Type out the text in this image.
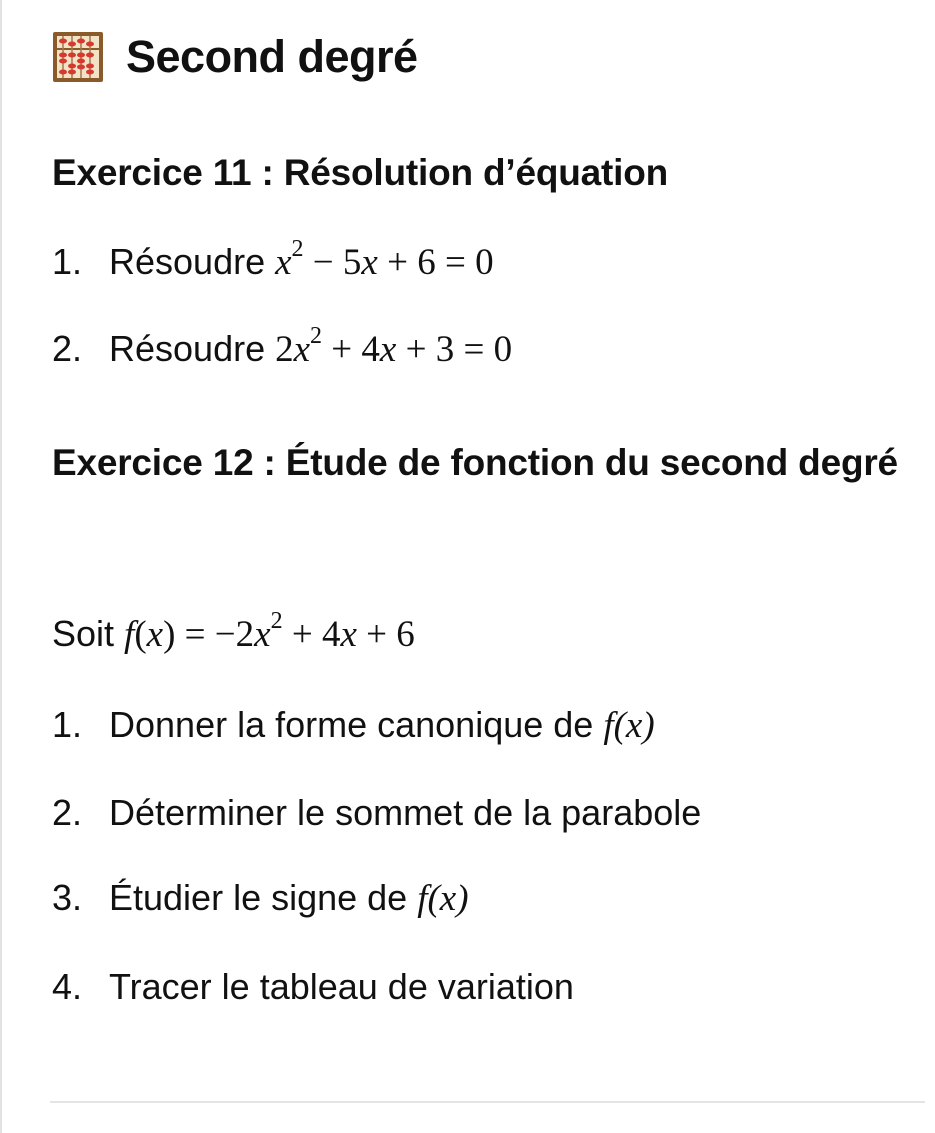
Second degré
Exercice 11 : Résolution d’équation
1. Résoudre $x^2 - 5x + 6 = 0$
2. Résoudre $2x^2 + 4x + 3 = 0$
Exercice 12 : Étude de fonction du second degré
Soit $f(x) = -2x^2 + 4x + 6$
1. Donner la forme canonique de f(x)
2. Déterminer le sommet de la parabole
3. Étudier le signe de f(x)
4. Tracer le tableau de variation
